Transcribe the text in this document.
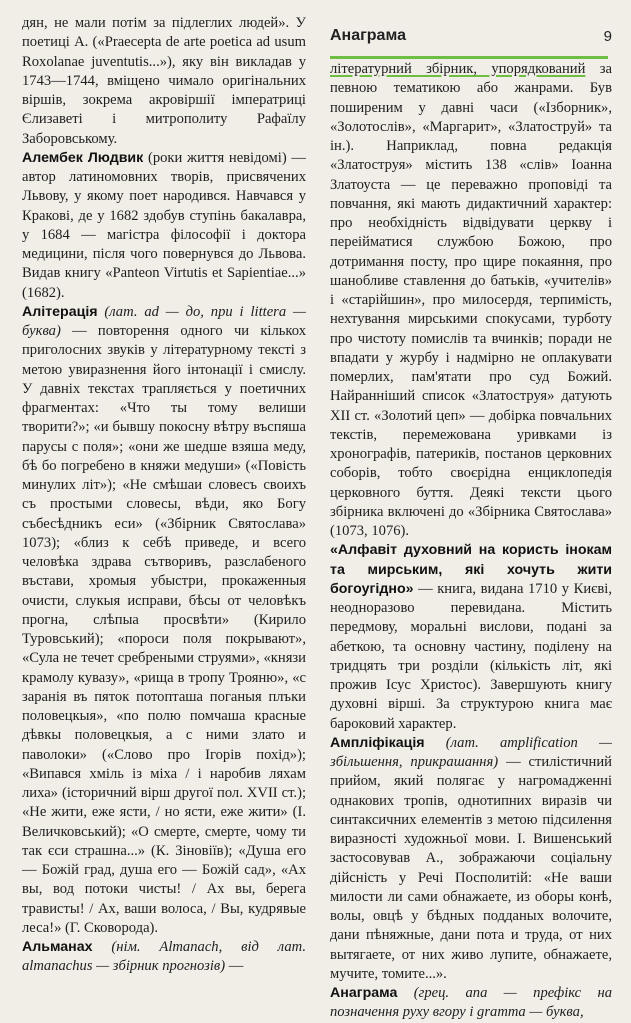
Анаграма	9

дян, не мали потім за підлеглих людей». У поетиці А. («Praecepta de arte poetica ad usum Roxolanae juventutis...»), яку він викладав у 1743—1744, вміщено чимало оригінальних віршів, зокрема акровіршії імператриці Єлизаветі і митрополиту Рафаїлу Заборовському.

Алембек Людвик (роки життя невідомі) — автор латиномовних творів, присвячених Львову, у якому поет народився. Навчався у Кракові, де у 1682 здобув ступінь бакалавра, у 1684 — магістра філософії і доктора медицини, після чого повернувся до Львова. Видав книгу «Panteon Virtutis et Sapientiae...» (1682).

Алітерація (лат. ad — до, при і littera — буква) — повторення одного чи кількох приголосних звуків у літературному тексті з метою увиразнення його інтонації і смислу. У давніх текстах трапляється у поетичних фрагментах: «Что ты тому велиши творити?»; «и бывшу покосну вѣтру въспяша парусы с поля»; «они же шедше взяша меду, бѣ бо погребено в княжи медуши» («Повість минулих літ»); «Не смѣшаи словесъ своихъ съ простыми словесы, вѣди, яко Богу събесѣдникъ еси» («Збірник Святослава» 1073); «близ к себѣ приведе, и всего человѣка здрава сътворивъ, разслабеного въстави, хромыя убыстри, прокаженныя очисти, слукыя исправи, бѣсы от человѣкъ прогна, слѣпыа просвѣти» (Кирило Туровський); «пороси поля покрывают», «Сула не течет сребреными струями», «князи крамолу кувазу», «рища в тропу Трояню», «с заранія въ пяток потопташа поганыя плъки половецкыя», «по полю помчаша красные дѣвкы половецкыя, а с ними злато и паволоки» («Слово про Ігорів похід»); «Випався хміль із міха / і наробив ляхам лиха» (історичний вірш другої пол. XVII ст.); «Не жити, еже ясти, / но ясти, еже жити» (І. Величковський); «О смерте, смерте, чому ти так єси страшна...» (К. Зіновіїв); «Душа его — Божій град, душа его — Божій сад», «Ах вы, вод потоки чисты! / Ах вы, берега трависты! / Ах, ваши волоса, / Вы, кудрявые леса!» (Г. Сковорода).

Альманах (нім. Almanach, від лат. almanachus — збірник прогнозів) —

літературний збірник, упорядкований за певною тематикою або жанрами. Був поширеним у давні часи («Ізборник», «Золотослів», «Маргарит», «Златоструй» та ін.). Наприклад, повна редакція «Златоструя» містить 138 «слів» Іоанна Златоуста — це переважно проповіді та повчання, які мають дидактичний характер: про необхідність відвідувати церкву і переійматися службою Божою, про дотримання посту, про щире покаяння, про шанобливе ставлення до батьків, «учителів» і «старійшин», про милосердя, терпимість, нехтування мирськими спокусами, турботу про чистоту помислів та вчинків; поради не впадати у журбу і надмірно не оплакувати померлих, пам'ятати про суд Божий. Найранніший список «Златоструя» датують XII ст. «Золотий цеп» — добірка повчальних текстів, перемежована уривками із хронографів, патериків, постанов церковних соборів, тобто своєрідна енциклопедія церковного буття. Деякі тексти цього збірника включені до «Збірника Святослава» (1073, 1076).

«Алфавіт духовний на користь інокам та мирським, які хочуть жити богоугідно» — книга, видана 1710 у Києві, неодноразово перевидана. Містить передмову, моральні вислови, подані за абеткою, та основну частину, поділену на тридцять три розділи (кількість літ, які прожив Ісус Христос). Завершують книгу духовні вірші. За структурою книга має бароковий характер.

Ампліфікація (лат. amplification — збільшення, прикрашання) — стилістичний прийом, який полягає у нагромадженні однакових тропів, однотипних виразів чи синтаксичних елементів з метою підсилення виразності художньої мови. І. Вишенський застосовував А., зображаючи соціальну дійсність у Речі Посполитій: «Не ваши милости ли сами обнажаете, из оборы конѣ, волы, овцѣ у бѣдных подданых волочите, дани пѣняжные, дани пота и труда, от них вытягаете, от них живо лупите, обнажаете, мучите, томите...».

Анаграма (грец. ana — префікс на позначення руху вгору і gramma — буква,
